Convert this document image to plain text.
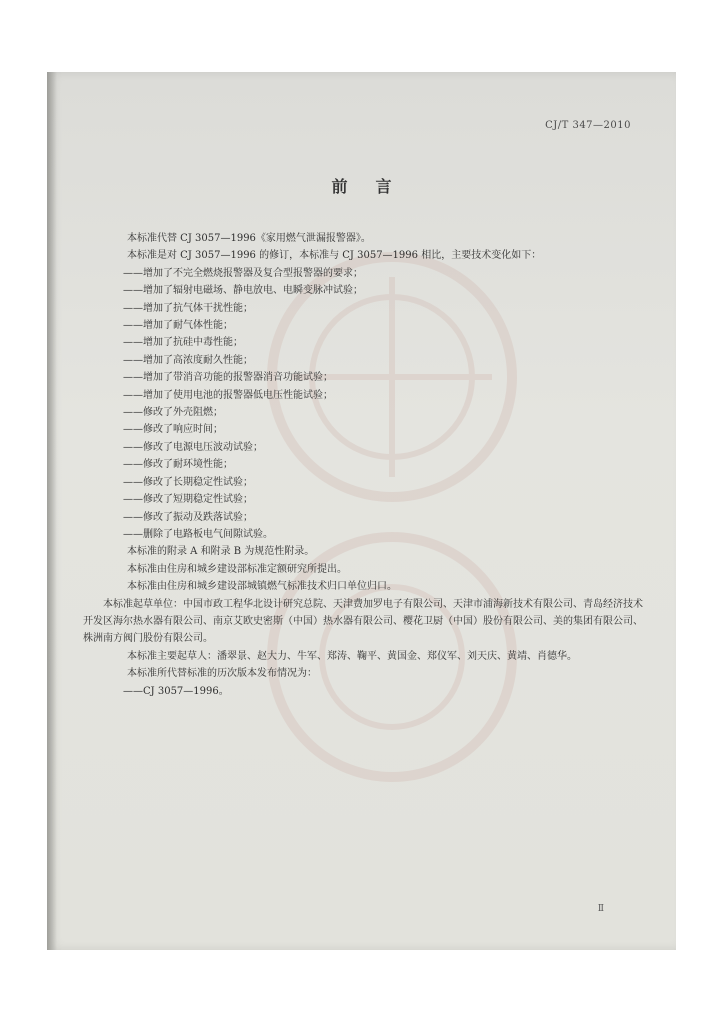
CJ/T 347—2010
前言

本标准代替 CJ 3057—1996《家用燃气泄漏报警器》。

本标准是对 CJ 3057—1996 的修订，本标准与 CJ 3057—1996 相比，主要技术变化如下：

——增加了不完全燃烧报警器及复合型报警器的要求；

——增加了辐射电磁场、静电放电、电瞬变脉冲试验；

——增加了抗气体干扰性能；

——增加了耐气体性能；

——增加了抗硅中毒性能；

——增加了高浓度耐久性能；

——增加了带消音功能的报警器消音功能试验；

——增加了使用电池的报警器低电压性能试验；

——修改了外壳阻燃；

——修改了响应时间；

——修改了电源电压波动试验；

——修改了耐环境性能；

——修改了长期稳定性试验；

——修改了短期稳定性试验；

——修改了振动及跌落试验；

——删除了电路板电气间隙试验。

本标准的附录 A 和附录 B 为规范性附录。

本标准由住房和城乡建设部标准定额研究所提出。

本标准由住房和城乡建设部城镇燃气标准技术归口单位归口。

本标准起草单位：中国市政工程华北设计研究总院、天津费加罗电子有限公司、天津市浦海新技术有限公司、青岛经济技术开发区海尔热水器有限公司、南京艾欧史密斯（中国）热水器有限公司、樱花卫厨（中国）股份有限公司、美的集团有限公司、株洲南方阀门股份有限公司。

本标准主要起草人：潘翠景、赵大力、牛军、郑涛、鞠平、黄国金、郑仪军、刘天庆、黄靖、肖德华。

本标准所代替标准的历次版本发布情况为：

——CJ 3057—1996。

Ⅱ
